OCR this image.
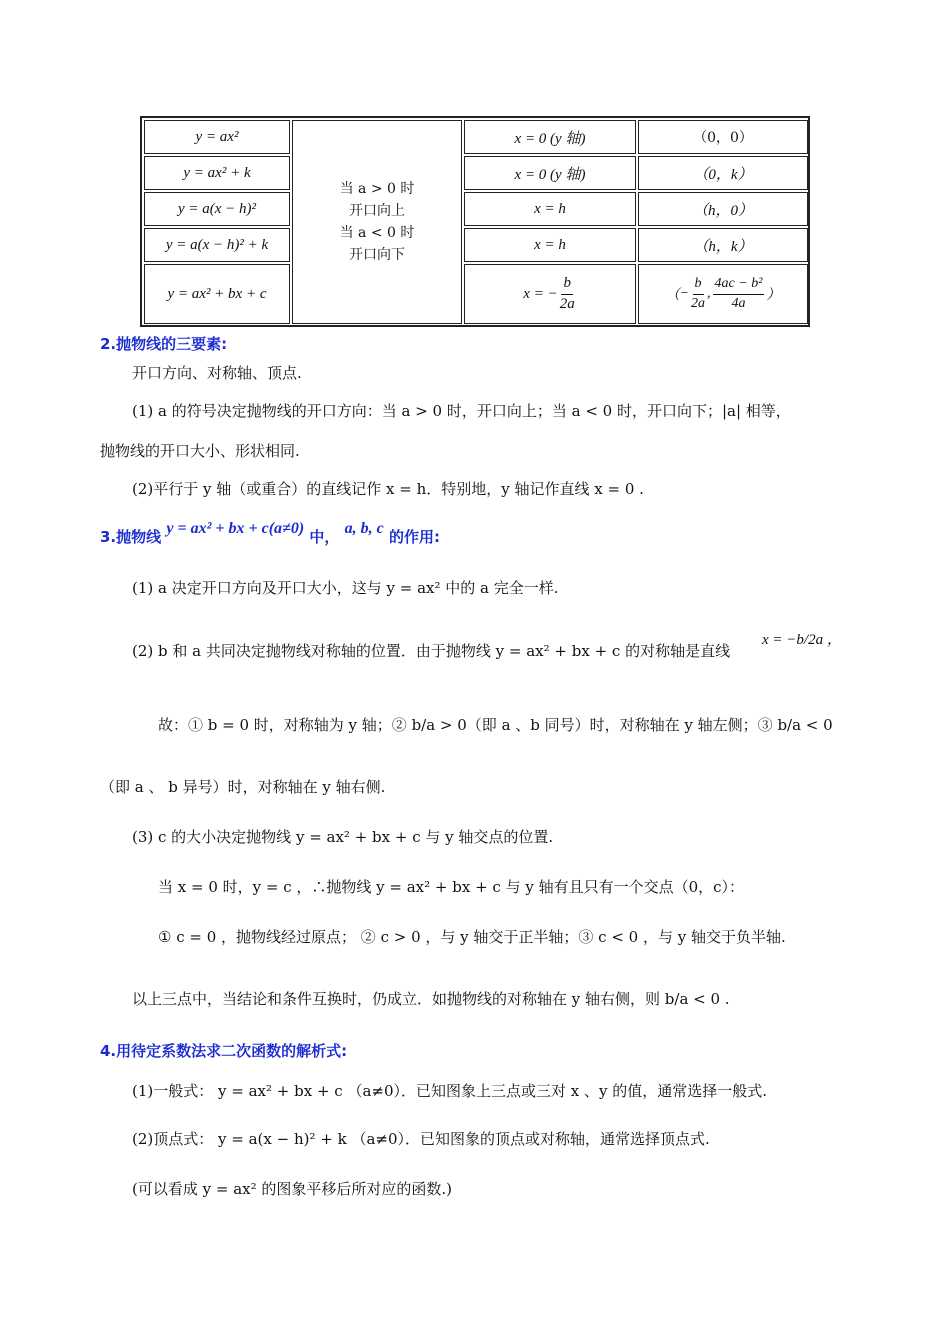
y = ax²
y = ax² + k
y = a(x − h)²
y = a(x − h)² + k
y = ax² + bx + c
当 a > 0 时
开口向上
当 a < 0 时
开口向下
x = 0 (y 轴)
x = 0 (y 轴)
x = h
x = h
x = − $\frac{b}{2a}$
（0，0）
（0，k）
（h，0）
（h，k）
（ − $\frac{b}{2a}$ , $\frac{\text{4ac − b²}}{4a}$ ）
2.抛物线的三要素:
开口方向、对称轴、顶点.
(1) a 的符号决定抛物线的开口方向：当 a > 0 时，开口向上；当 a < 0 时，开口向下；|a| 相等，
抛物线的开口大小、形状相同.
(2)平行于 y 轴（或重合）的直线记作 x = h．特别地，y 轴记作直线 x = 0 .
3.抛物线 y = ax² + bx + c(a≠0) 中， a, b, c 的作用:
(1) a 决定开口方向及开口大小，这与 y = ax² 中的 a 完全一样.
(2) b 和 a 共同决定抛物线对称轴的位置．由于抛物线 y = ax² + bx + c 的对称轴是直线
x = −b/2a ，
故：① b = 0 时，对称轴为 y 轴；② b/a > 0（即 a 、b 同号）时，对称轴在 y 轴左侧；③ b/a < 0
（即 a 、 b 异号）时，对称轴在 y 轴右侧.
(3) c 的大小决定抛物线 y = ax² + bx + c 与 y 轴交点的位置.
当 x = 0 时，y = c ，∴抛物线 y = ax² + bx + c 与 y 轴有且只有一个交点（0，c）：
① c = 0 ，抛物线经过原点； ② c > 0 ，与 y 轴交于正半轴；③ c < 0 ，与 y 轴交于负半轴.
以上三点中，当结论和条件互换时，仍成立．如抛物线的对称轴在 y 轴右侧，则 b/a < 0 .
4.用待定系数法求二次函数的解析式:
(1)一般式： y = ax² + bx + c （a≠0）．已知图象上三点或三对 x 、y 的值，通常选择一般式.
(2)顶点式： y = a(x − h)² + k （a≠0）．已知图象的顶点或对称轴，通常选择顶点式.
(可以看成 y = ax² 的图象平移后所对应的函数.)
